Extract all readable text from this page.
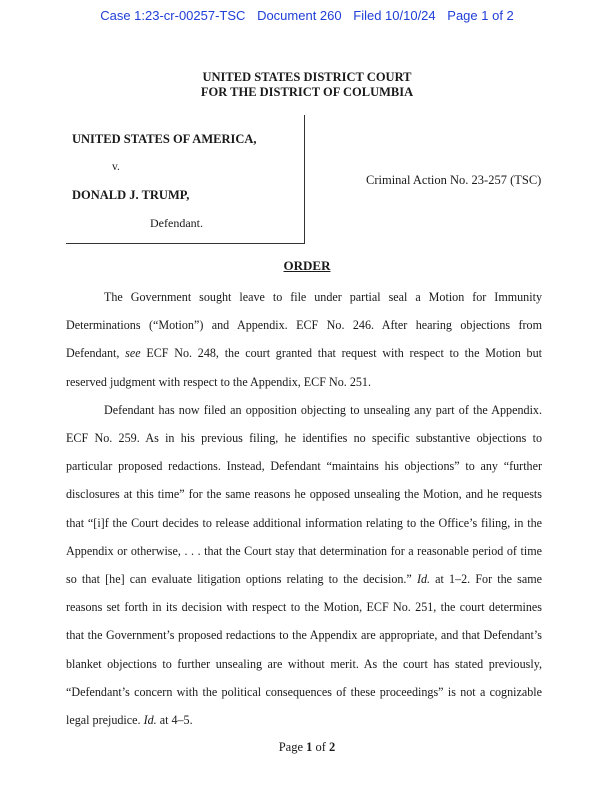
Case 1:23-cr-00257-TSC Document 260 Filed 10/10/24 Page 1 of 2
UNITED STATES DISTRICT COURT
FOR THE DISTRICT OF COLUMBIA
UNITED STATES OF AMERICA,
v.
DONALD J. TRUMP,
Defendant.
Criminal Action No. 23-257 (TSC)
ORDER

The Government sought leave to file under partial seal a Motion for Immunity Determinations (“Motion”) and Appendix. ECF No. 246. After hearing objections from Defendant, see ECF No. 248, the court granted that request with respect to the Motion but reserved judgment with respect to the Appendix, ECF No. 251.

Defendant has now filed an opposition objecting to unsealing any part of the Appendix. ECF No. 259. As in his previous filing, he identifies no specific substantive objections to particular proposed redactions. Instead, Defendant “maintains his objections” to any “further disclosures at this time” for the same reasons he opposed unsealing the Motion, and he requests that “[i]f the Court decides to release additional information relating to the Office’s filing, in the Appendix or otherwise, . . . that the Court stay that determination for a reasonable period of time so that [he] can evaluate litigation options relating to the decision.” Id. at 1–2. For the same reasons set forth in its decision with respect to the Motion, ECF No. 251, the court determines that the Government’s proposed redactions to the Appendix are appropriate, and that Defendant’s blanket objections to further unsealing are without merit. As the court has stated previously, “Defendant’s concern with the political consequences of these proceedings” is not a cognizable legal prejudice. Id. at 4–5.

Page 1 of 2
